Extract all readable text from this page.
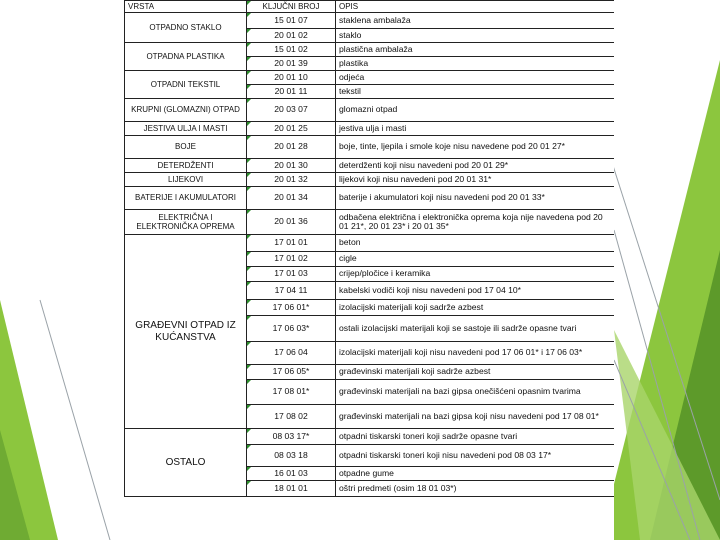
VRSTA	KLJUČNI BROJ	OPIS
OTPADNO STAKLO	15 01 07	staklena ambalaža
	20 01 02	staklo
OTPADNA PLASTIKA	15 01 02	plastična ambalaža
	20 01 39	plastika
OTPADNI TEKSTIL	20 01 10	odjeća
	20 01 11	tekstil
KRUPNI (GLOMAZNI) OTPAD	20 03 07	glomazni otpad
JESTIVA ULJA I MASTI	20 01 25	jestiva ulja i masti
BOJE	20 01 28	boje, tinte, ljepila i smole koje nisu navedene pod 20 01 27*
DETERDŽENTI	20 01 30	deterdženti koji nisu navedeni pod 20 01 29*
LIJEKOVI	20 01 32	lijekovi koji nisu navedeni pod 20 01 31*
BATERIJE I AKUMULATORI	20 01 34	baterije i akumulatori koji nisu navedeni pod 20 01 33*
ELEKTRIČNA I ELEKTRONIČKA OPREMA	20 01 36	odbačena električna i elektronička oprema koja nije navedena pod 20 01 21*, 20 01 23* i 20 01 35*
GRAĐEVNI OTPAD IZ KUĆANSTVA	17 01 01	beton
	17 01 02	cigle
	17 01 03	crijep/pločice i keramika
	17 04 11	kabelski vodiči koji nisu navedeni pod 17 04 10*
	17 06 01*	izolacijski materijali koji sadrže azbest
	17 06 03*	ostali izolacijski materijali koji se sastoje ili sadrže opasne tvari
	17 06 04	izolacijski materijali koji nisu navedeni pod 17 06 01* i 17 06 03*
	17 06 05*	građevinski materijali koji sadrže azbest
	17 08 01*	građevinski materijali na bazi gipsa onečišćeni opasnim tvarima
	17 08 02	građevinski materijali na bazi gipsa koji nisu navedeni pod 17 08 01*
OSTALO	08 03 17*	otpadni tiskarski toneri koji sadrže opasne tvari
	08 03 18	otpadni tiskarski toneri koji nisu navedeni pod 08 03 17*
	16 01 03	otpadne gume
	18 01 01	oštri predmeti (osim 18 01 03*)
